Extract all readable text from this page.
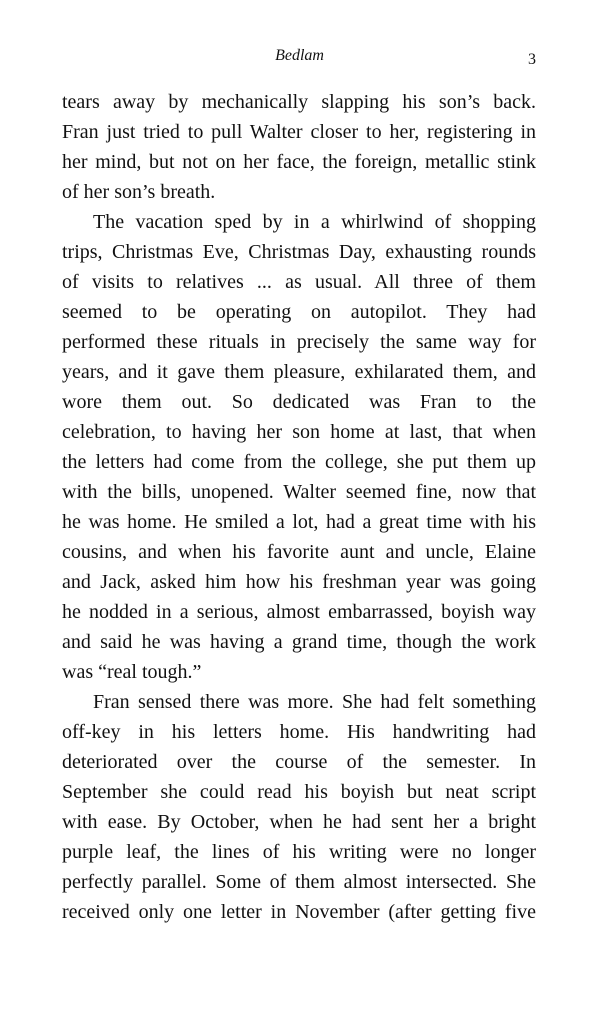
Bedlam	3
tears away by mechanically slapping his son’s back.
Fran just tried to pull Walter closer to her, registering in
her mind, but not on her face, the foreign, metallic stink
of her son’s breath.
The vacation sped by in a whirlwind of shopping
trips, Christmas Eve, Christmas Day, exhausting rounds
of visits to relatives ... as usual. All three of them
seemed to be operating on autopilot. They had
performed these rituals in precisely the same way for
years, and it gave them pleasure, exhilarated them, and
wore them out. So dedicated was Fran to the
celebration, to having her son home at last, that when
the letters had come from the college, she put them up
with the bills, unopened. Walter seemed fine, now that
he was home. He smiled a lot, had a great time with his
cousins, and when his favorite aunt and uncle, Elaine
and Jack, asked him how his freshman year was going
he nodded in a serious, almost embarrassed, boyish way
and said he was having a grand time, though the work
was “real tough.”
Fran sensed there was more. She had felt something
off-key in his letters home. His handwriting had
deteriorated over the course of the semester. In
September she could read his boyish but neat script
with ease. By October, when he had sent her a bright
purple leaf, the lines of his writing were no longer
perfectly parallel. Some of them almost intersected. She
received only one letter in November (after getting five
